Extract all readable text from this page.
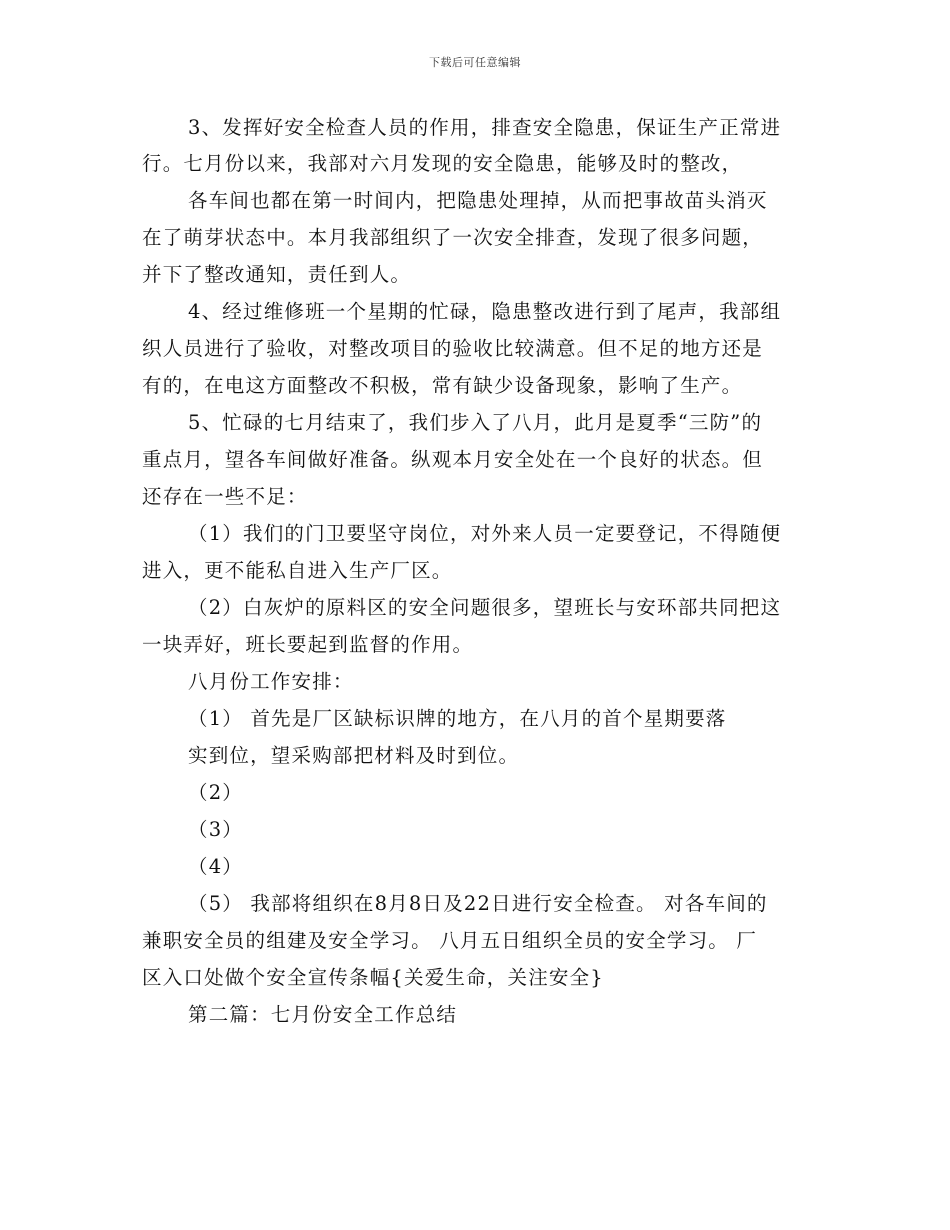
下载后可任意编辑
3、发挥好安全检查人员的作用，排查安全隐患，保证生产正常进
行。七月份以来，我部对六月发现的安全隐患，能够及时的整改，
各车间也都在第一时间内，把隐患处理掉，从而把事故苗头消灭
在了萌芽状态中。本月我部组织了一次安全排查，发现了很多问题，
并下了整改通知，责任到人。
4、经过维修班一个星期的忙碌，隐患整改进行到了尾声，我部组
织人员进行了验收，对整改项目的验收比较满意。但不足的地方还是
有的，在电这方面整改不积极，常有缺少设备现象，影响了生产。
5、忙碌的七月结束了，我们步入了八月，此月是夏季“三防”的
重点月，望各车间做好准备。纵观本月安全处在一个良好的状态。但
还存在一些不足：
（1）我们的门卫要坚守岗位，对外来人员一定要登记，不得随便
进入，更不能私自进入生产厂区。
（2）白灰炉的原料区的安全问题很多，望班长与安环部共同把这
一块弄好，班长要起到监督的作用。
八月份工作安排：
（1） 首先是厂区缺标识牌的地方，在八月的首个星期要落
实到位，望采购部把材料及时到位。
（2）
（3）
（4）
（5） 我部将组织在8月8日及22日进行安全检查。 对各车间的
兼职安全员的组建及安全学习。 八月五日组织全员的安全学习。 厂
区入口处做个安全宣传条幅{关爱生命，关注安全}
第二篇：七月份安全工作总结
